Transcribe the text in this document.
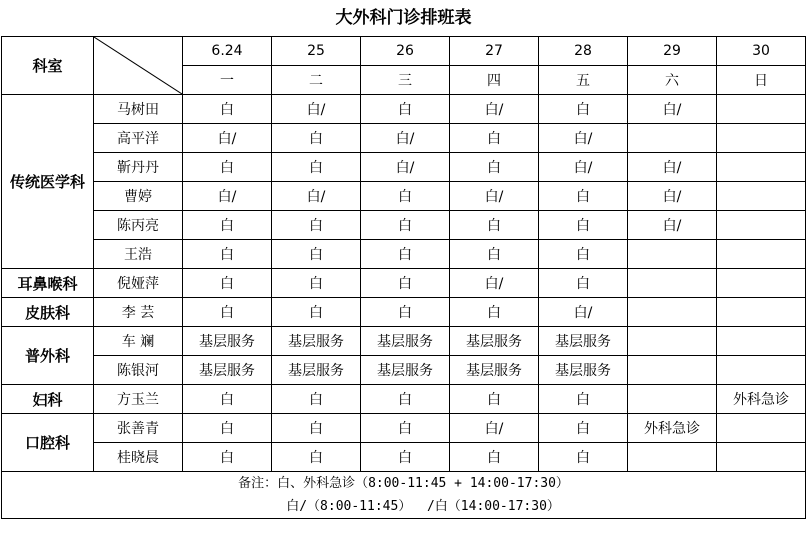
大外科门诊排班表
科室		6.24	25	26	27	28	29	30
		一	二	三	四	五	六	日
传统医学科	马树田	白	白/	白	白/	白	白/	
	高平洋	白/	白	白/	白	白/		
	靳丹丹	白	白	白/	白	白/	白/	
	曹婷	白/	白/	白	白/	白	白/	
	陈丙亮	白	白	白	白	白	白/	
	王浩	白	白	白	白	白		
耳鼻喉科	倪娅萍	白	白	白	白/	白		
皮肤科	李 芸	白	白	白	白	白/		
普外科	车 斓	基层服务	基层服务	基层服务	基层服务	基层服务		
	陈银河	基层服务	基层服务	基层服务	基层服务	基层服务		
妇科	方玉兰	白	白	白	白	白		外科急诊
口腔科	张善青	白	白	白	白/	白	外科急诊	
	桂晓晨	白	白	白	白	白		

备注：白、外科急诊（8:00-11:45 + 14:00-17:30）
白/（8:00-11:45）  /白（14:00-17:30）								
